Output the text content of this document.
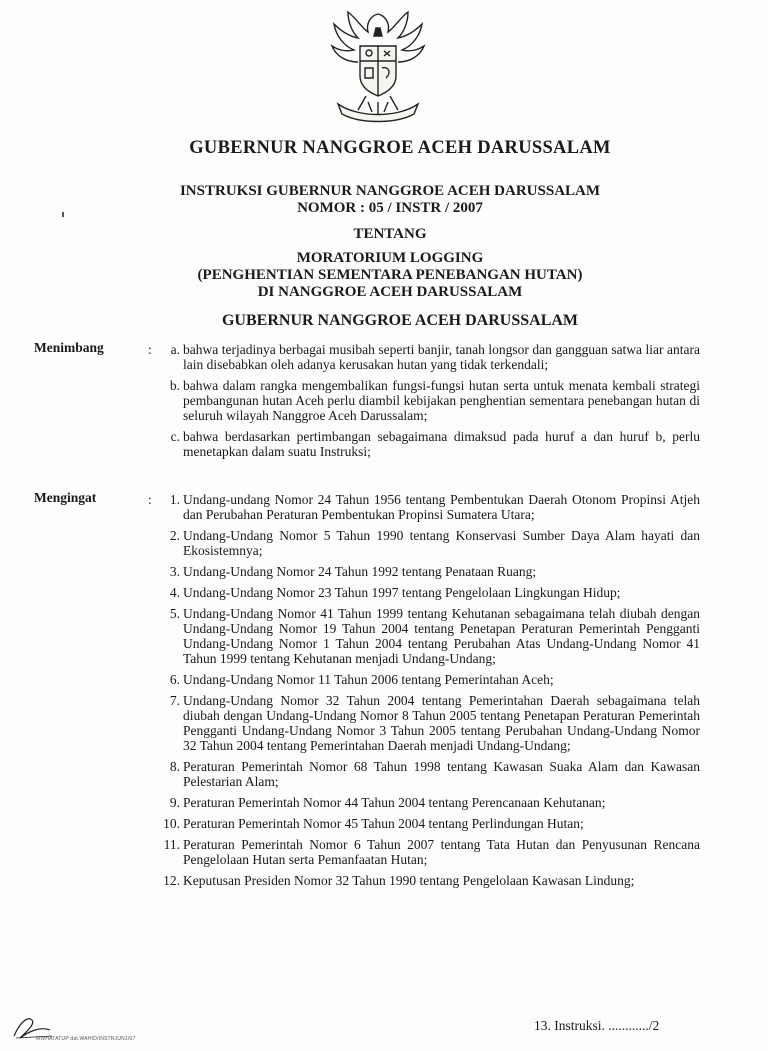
GUBERNUR NANGGROE ACEH DARUSSALAM
INSTRUKSI GUBERNUR NANGGROE ACEH DARUSSALAM
NOMOR : 05 / INSTR / 2007
TENTANG
MORATORIUM LOGGING
(PENGHENTIAN SEMENTARA PENEBANGAN HUTAN)
DI NANGGROE ACEH DARUSSALAM
GUBERNUR NANGGROE ACEH DARUSSALAM
Menimbang	:	a. bahwa terjadinya berbagai musibah seperti banjir, tanah longsor dan gangguan satwa liar antara lain disebabkan oleh adanya kerusakan hutan yang tidak terkendali;
b. bahwa dalam rangka mengembalikan fungsi-fungsi hutan serta untuk menata kembali strategi pembangunan hutan Aceh perlu diambil kebijakan penghentian sementara penebangan hutan di seluruh wilayah Nanggroe Aceh Darussalam;
c. bahwa berdasarkan pertimbangan sebagaimana dimaksud pada huruf a dan huruf b, perlu menetapkan dalam suatu Instruksi;
Mengingat	:	1. Undang-undang Nomor 24 Tahun 1956 tentang Pembentukan Daerah Otonom Propinsi Atjeh dan Perubahan Peraturan Pembentukan Propinsi Sumatera Utara;
2. Undang-Undang Nomor 5 Tahun 1990 tentang Konservasi Sumber Daya Alam hayati dan Ekosistemnya;
3. Undang-Undang Nomor 24 Tahun 1992 tentang Penataan Ruang;
4. Undang-Undang Nomor 23 Tahun 1997 tentang Pengelolaan Lingkungan Hidup;
5. Undang-Undang Nomor 41 Tahun 1999 tentang Kehutanan sebagaimana telah diubah dengan Undang-Undang Nomor 19 Tahun 2004 tentang Penetapan Peraturan Pemerintah Pengganti Undang-Undang Nomor 1 Tahun 2004 tentang Perubahan Atas Undang-Undang Nomor 41 Tahun 1999 tentang Kehutanan menjadi Undang-Undang;
6. Undang-Undang Nomor 11 Tahun 2006 tentang Pemerintahan Aceh;
7. Undang-Undang Nomor 32 Tahun 2004 tentang Pemerintahan Daerah sebagaimana telah diubah dengan Undang-Undang Nomor 8 Tahun 2005 tentang Penetapan Peraturan Pemerintah Pengganti Undang-Undang Nomor 3 Tahun 2005 tentang Perubahan Undang-Undang Nomor 32 Tahun 2004 tentang Pemerintahan Daerah menjadi Undang-Undang;
8. Peraturan Pemerintah Nomor 68 Tahun 1998 tentang Kawasan Suaka Alam dan Kawasan Pelestarian Alam;
9. Peraturan Pemerintah Nomor 44 Tahun 2004 tentang Perencanaan Kehutanan;
10. Peraturan Pemerintah Nomor 45 Tahun 2004 tentang Perlindungan Hutan;
11. Peraturan Pemerintah Nomor 6 Tahun 2007 tentang Tata Hutan dan Penyusunan Rencana Pengelolaan Hutan serta Pemanfaatan Hutan;
12. Keputusan Presiden Nomor 32 Tahun 1990 tentang Pengelolaan Kawasan Lindung;
13. Instruksi. ............/2
MWHATATUP dat.WAHID/INSTRJUN1/07
